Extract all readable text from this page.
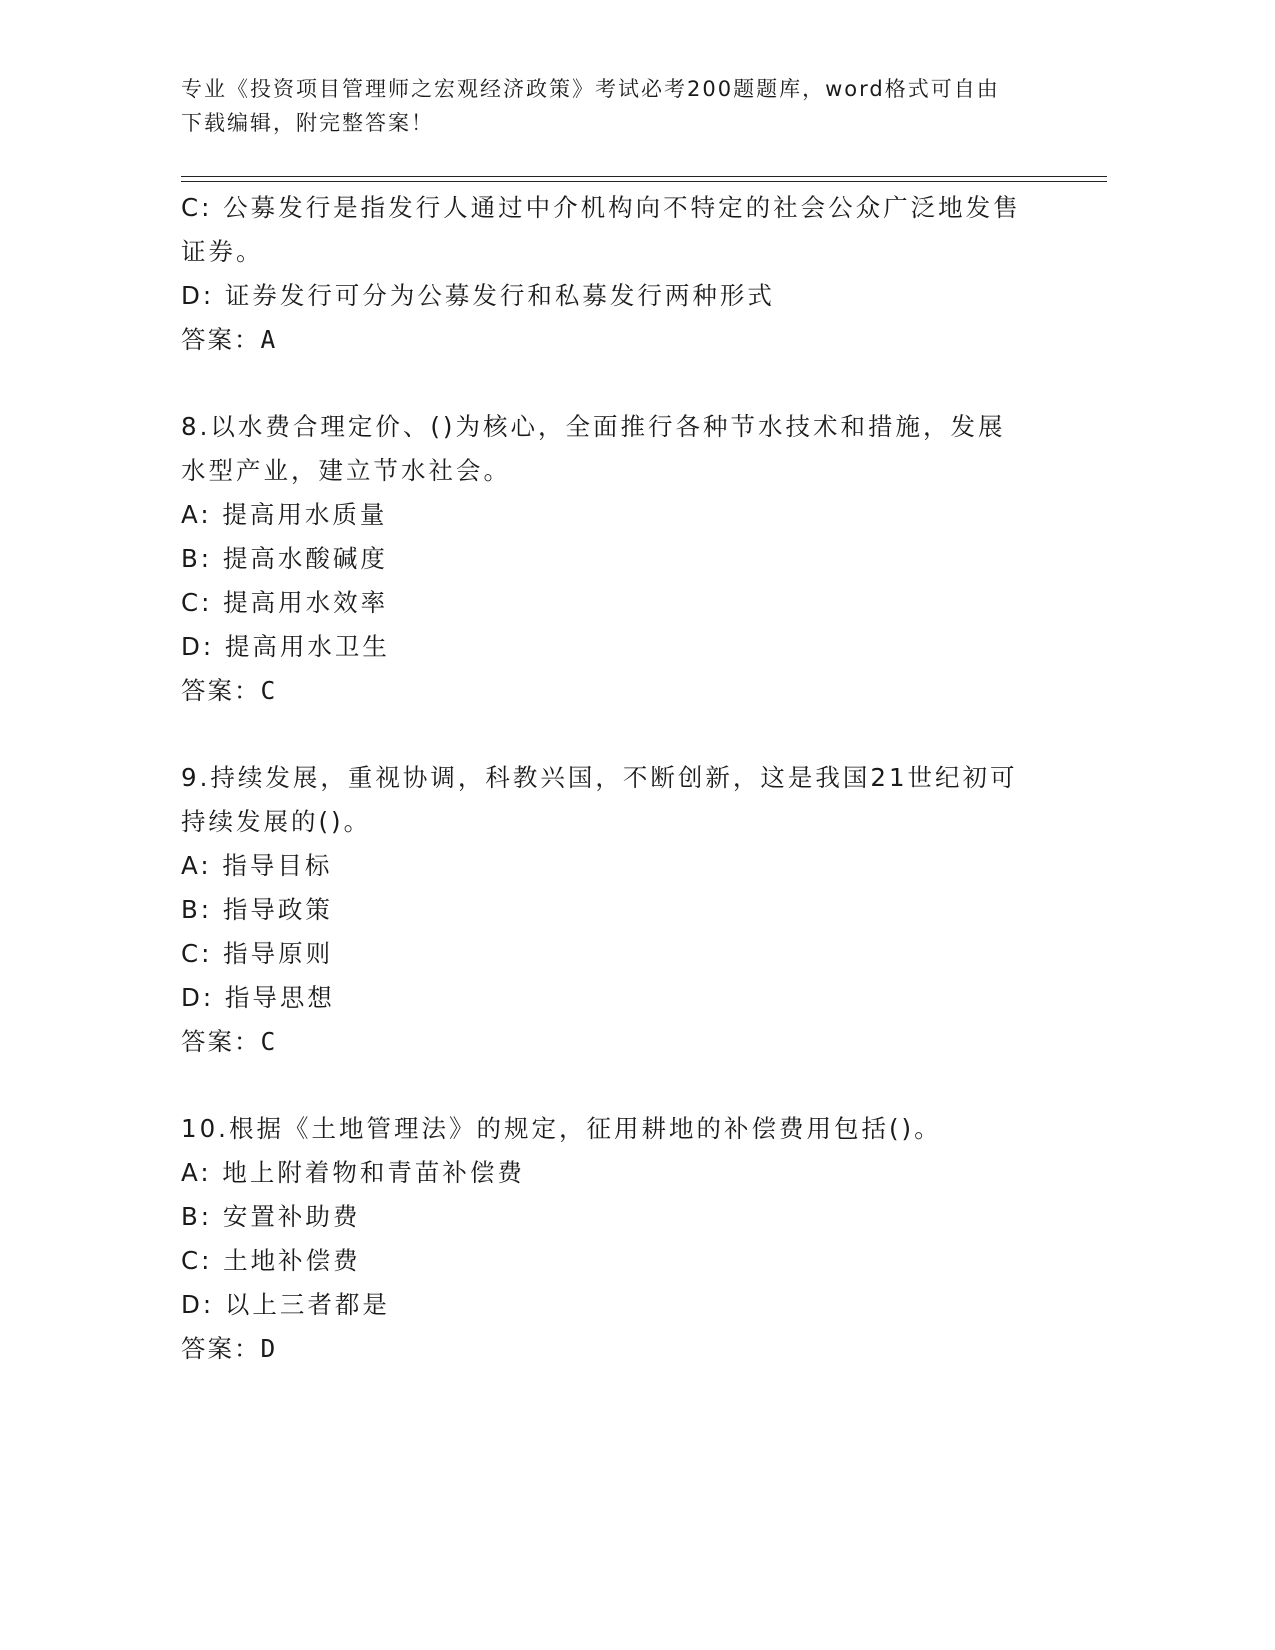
专业《投资项目管理师之宏观经济政策》考试必考200题题库，word格式可自由
下载编辑，附完整答案！
C: 公募发行是指发行人通过中介机构向不特定的社会公众广泛地发售
证券。
D: 证券发行可分为公募发行和私募发行两种形式
答案：A
8.以水费合理定价、()为核心，全面推行各种节水技术和措施，发展
水型产业，建立节水社会。
A: 提高用水质量
B: 提高水酸碱度
C: 提高用水效率
D: 提高用水卫生
答案：C
9.持续发展，重视协调，科教兴国，不断创新，这是我国21世纪初可
持续发展的()。
A: 指导目标
B: 指导政策
C: 指导原则
D: 指导思想
答案：C
10.根据《土地管理法》的规定，征用耕地的补偿费用包括()。
A: 地上附着物和青苗补偿费
B: 安置补助费
C: 土地补偿费
D: 以上三者都是
答案：D
